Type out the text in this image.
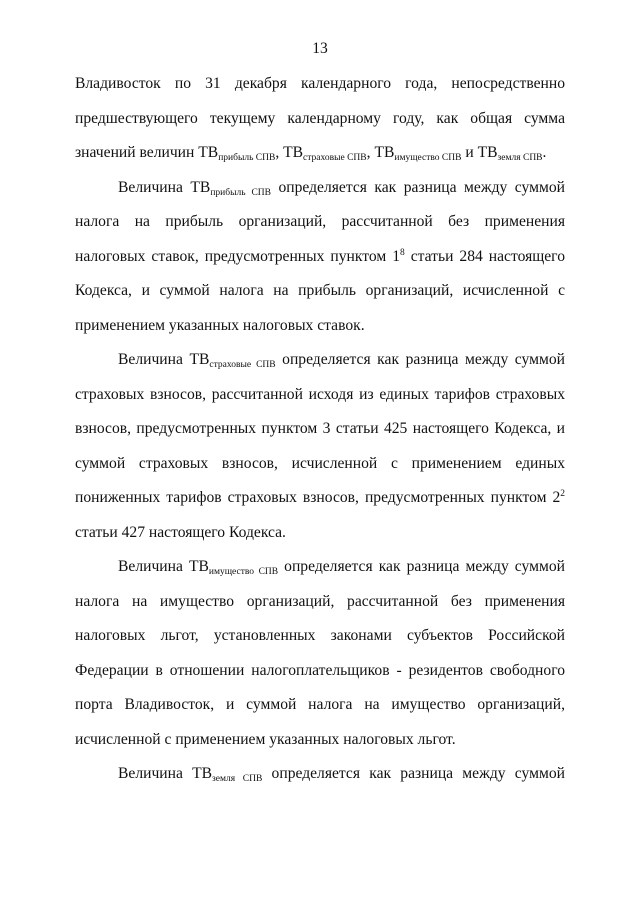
13

Владивосток по 31 декабря календарного года, непосредственно предшествующего текущему календарному году, как общая сумма значений величин $ТВ_{прибыль СПВ}$, $ТВ_{страховые СПВ}$, $ТВ_{имущество СПВ}$ и $ТВ_{земля СПВ}$.

Величина $ТВ_{прибыль СПВ}$ определяется как разница между суммой налога на прибыль организаций, рассчитанной без применения налоговых ставок, предусмотренных пунктом $1^8$ статьи 284 настоящего Кодекса, и суммой налога на прибыль организаций, исчисленной с применением указанных налоговых ставок.

Величина $ТВ_{страховые СПВ}$ определяется как разница между суммой страховых взносов, рассчитанной исходя из единых тарифов страховых взносов, предусмотренных пунктом 3 статьи 425 настоящего Кодекса, и суммой страховых взносов, исчисленной с применением единых пониженных тарифов страховых взносов, предусмотренных пунктом $2^2$ статьи 427 настоящего Кодекса.

Величина $ТВ_{имущество СПВ}$ определяется как разница между суммой налога на имущество организаций, рассчитанной без применения налоговых льгот, установленных законами субъектов Российской Федерации в отношении налогоплательщиков - резидентов свободного порта Владивосток, и суммой налога на имущество организаций, исчисленной с применением указанных налоговых льгот.

Величина $ТВ_{земля СПВ}$ определяется как разница между суммой
